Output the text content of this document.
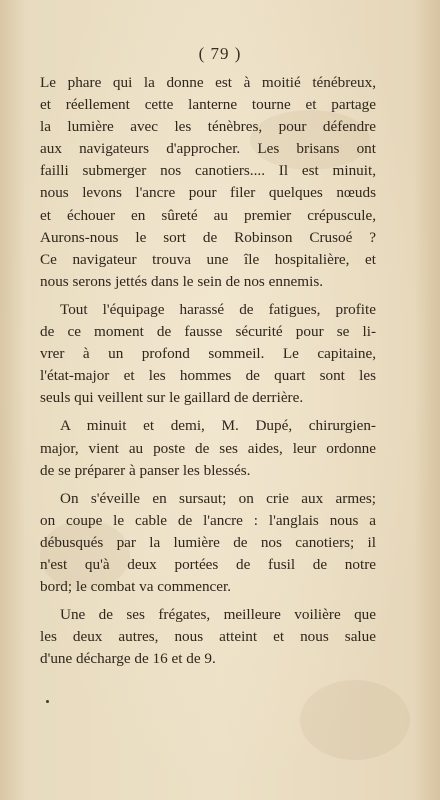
( 79 )
Le phare qui la donne est à moitié ténébreux,
et réellement cette lanterne tourne et partage
la lumière avec les ténèbres, pour défendre
aux navigateurs d'approcher. Les brisans ont
failli submerger nos canotiers.... Il est minuit,
nous levons l'ancre pour filer quelques nœuds
et échouer en sûreté au premier crépuscule,
Aurons-nous le sort de Robinson Crusoé ?
Ce navigateur trouva une île hospitalière, et
nous serons jettés dans le sein de nos ennemis.
Tout l'équipage harassé de fatigues, profite
de ce moment de fausse sécurité pour se li-
vrer à un profond sommeil. Le capitaine,
l'état-major et les hommes de quart sont les
seuls qui veillent sur le gaillard de derrière.
A minuit et demi, M. Dupé, chirurgien-
major, vient au poste de ses aides, leur ordonne
de se préparer à panser les blessés.
On s'éveille en sursaut; on crie aux armes;
on coupe le cable de l'ancre : l'anglais nous a
débusqués par la lumière de nos canotiers; il
n'est qu'à deux portées de fusil de notre
bord; le combat va commencer.
Une de ses frégates, meilleure voilière que
les deux autres, nous atteint et nous salue
d'une décharge de 16 et de 9.
